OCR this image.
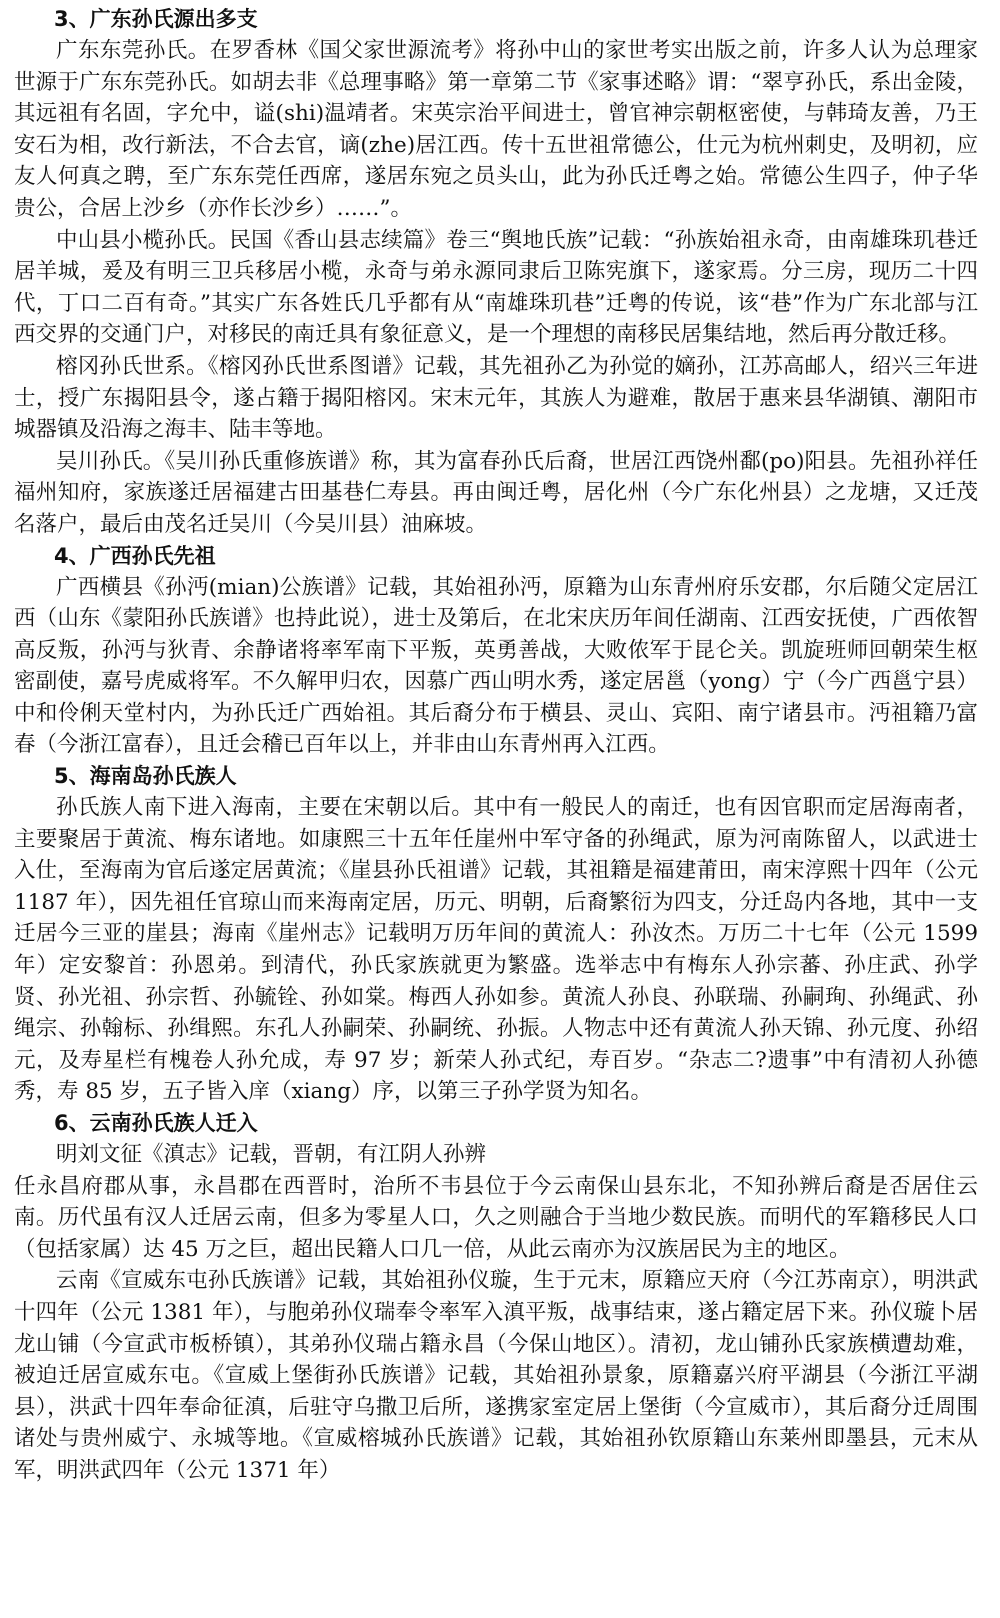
3、广东孙氏源出多支

广东东莞孙氏。在罗香林《国父家世源流考》将孙中山的家世考实出版之前，许多人认为总理家世源于广东东莞孙氏。如胡去非《总理事略》第一章第二节《家事述略》谓：“翠亨孙氏，系出金陵，其远祖有名固，字允中，谥(shi)温靖者。宋英宗治平间进士，曾官神宗朝枢密使，与韩琦友善，乃王安石为相，改行新法，不合去官，谪(zhe)居江西。传十五世祖常德公，仕元为杭州刺史，及明初，应友人何真之聘，至广东东莞任西席，遂居东宛之员头山，此为孙氏迁粤之始。常德公生四子，仲子华贵公，合居上沙乡（亦作长沙乡）……”。

中山县小榄孙氏。民国《香山县志续篇》卷三“舆地氏族”记载：“孙族始祖永奇，由南雄珠玑巷迁居羊城，爰及有明三卫兵移居小榄，永奇与弟永源同隶后卫陈宪旗下，遂家焉。分三房，现历二十四代，丁口二百有奇。”其实广东各姓氏几乎都有从“南雄珠玑巷”迁粤的传说，该“巷”作为广东北部与江西交界的交通门户，对移民的南迁具有象征意义，是一个理想的南移民居集结地，然后再分散迁移。

榕冈孙氏世系。《榕冈孙氏世系图谱》记载，其先祖孙乙为孙觉的嫡孙，江苏高邮人，绍兴三年进士，授广东揭阳县令，遂占籍于揭阳榕冈。宋末元年，其族人为避难，散居于惠来县华湖镇、潮阳市城器镇及沿海之海丰、陆丰等地。

吴川孙氏。《吴川孙氏重修族谱》称，其为富春孙氏后裔，世居江西饶州鄱(po)阳县。先祖孙祥任福州知府，家族遂迁居福建古田基巷仁寿县。再由闽迁粤，居化州（今广东化州县）之龙塘，又迁茂名落户，最后由茂名迁吴川（今吴川县）油麻坡。

4、广西孙氏先祖

广西横县《孙沔(mian)公族谱》记载，其始祖孙沔，原籍为山东青州府乐安郡，尔后随父定居江西（山东《蒙阳孙氏族谱》也持此说），进士及第后，在北宋庆历年间任湖南、江西安抚使，广西侬智高反叛，孙沔与狄青、余静诸将率军南下平叛，英勇善战，大败侬军于昆仑关。凯旋班师回朝荣生枢密副使，嘉号虎威将军。不久解甲归农，因慕广西山明水秀，遂定居邕（yong）宁（今广西邕宁县）中和伶俐天堂村内，为孙氏迁广西始祖。其后裔分布于横县、灵山、宾阳、南宁诸县市。沔祖籍乃富春（今浙江富春），且迁会稽已百年以上，并非由山东青州再入江西。

5、海南岛孙氏族人

孙氏族人南下进入海南，主要在宋朝以后。其中有一般民人的南迁，也有因官职而定居海南者，主要聚居于黄流、梅东诸地。如康熙三十五年任崖州中军守备的孙绳武，原为河南陈留人，以武进士入仕，至海南为官后遂定居黄流；《崖县孙氏祖谱》记载，其祖籍是福建莆田，南宋淳熙十四年（公元 1187 年），因先祖任官琼山而来海南定居，历元、明朝，后裔繁衍为四支，分迁岛内各地，其中一支迁居今三亚的崖县；海南《崖州志》记载明万历年间的黄流人：孙汝杰。万历二十七年（公元 1599 年）定安黎首：孙恩弟。到清代，孙氏家族就更为繁盛。选举志中有梅东人孙宗蕃、孙庄武、孙学贤、孙光祖、孙宗哲、孙毓铨、孙如棠。梅西人孙如参。黄流人孙良、孙联瑞、孙嗣珣、孙绳武、孙绳宗、孙翰标、孙缉熙。东孔人孙嗣荣、孙嗣统、孙振。人物志中还有黄流人孙天锦、孙元度、孙绍元，及寿星栏有槐卷人孙允成，寿 97 岁；新荣人孙式纪，寿百岁。“杂志二?遗事”中有清初人孙德秀，寿 85 岁，五子皆入庠（xiang）序，以第三子孙学贤为知名。

6、云南孙氏族人迁入

明刘文征《滇志》记载，晋朝，有江阴人孙辨

任永昌府郡从事，永昌郡在西晋时，治所不韦县位于今云南保山县东北，不知孙辨后裔是否居住云南。历代虽有汉人迁居云南，但多为零星人口，久之则融合于当地少数民族。而明代的军籍移民人口（包括家属）达 45 万之巨，超出民籍人口几一倍，从此云南亦为汉族居民为主的地区。

云南《宣威东屯孙氏族谱》记载，其始祖孙仪璇，生于元末，原籍应天府（今江苏南京），明洪武十四年（公元 1381 年），与胞弟孙仪瑞奉令率军入滇平叛，战事结束，遂占籍定居下来。孙仪璇卜居龙山铺（今宣武市板桥镇），其弟孙仪瑞占籍永昌（今保山地区）。清初，龙山铺孙氏家族横遭劫难，被迫迁居宣威东屯。《宣威上堡街孙氏族谱》记载，其始祖孙景象，原籍嘉兴府平湖县（今浙江平湖县），洪武十四年奉命征滇，后驻守乌撒卫后所，遂携家室定居上堡街（今宣威市），其后裔分迁周围诸处与贵州威宁、永城等地。《宣威榕城孙氏族谱》记载，其始祖孙钦原籍山东莱州即墨县，元末从军，明洪武四年（公元 1371 年）
